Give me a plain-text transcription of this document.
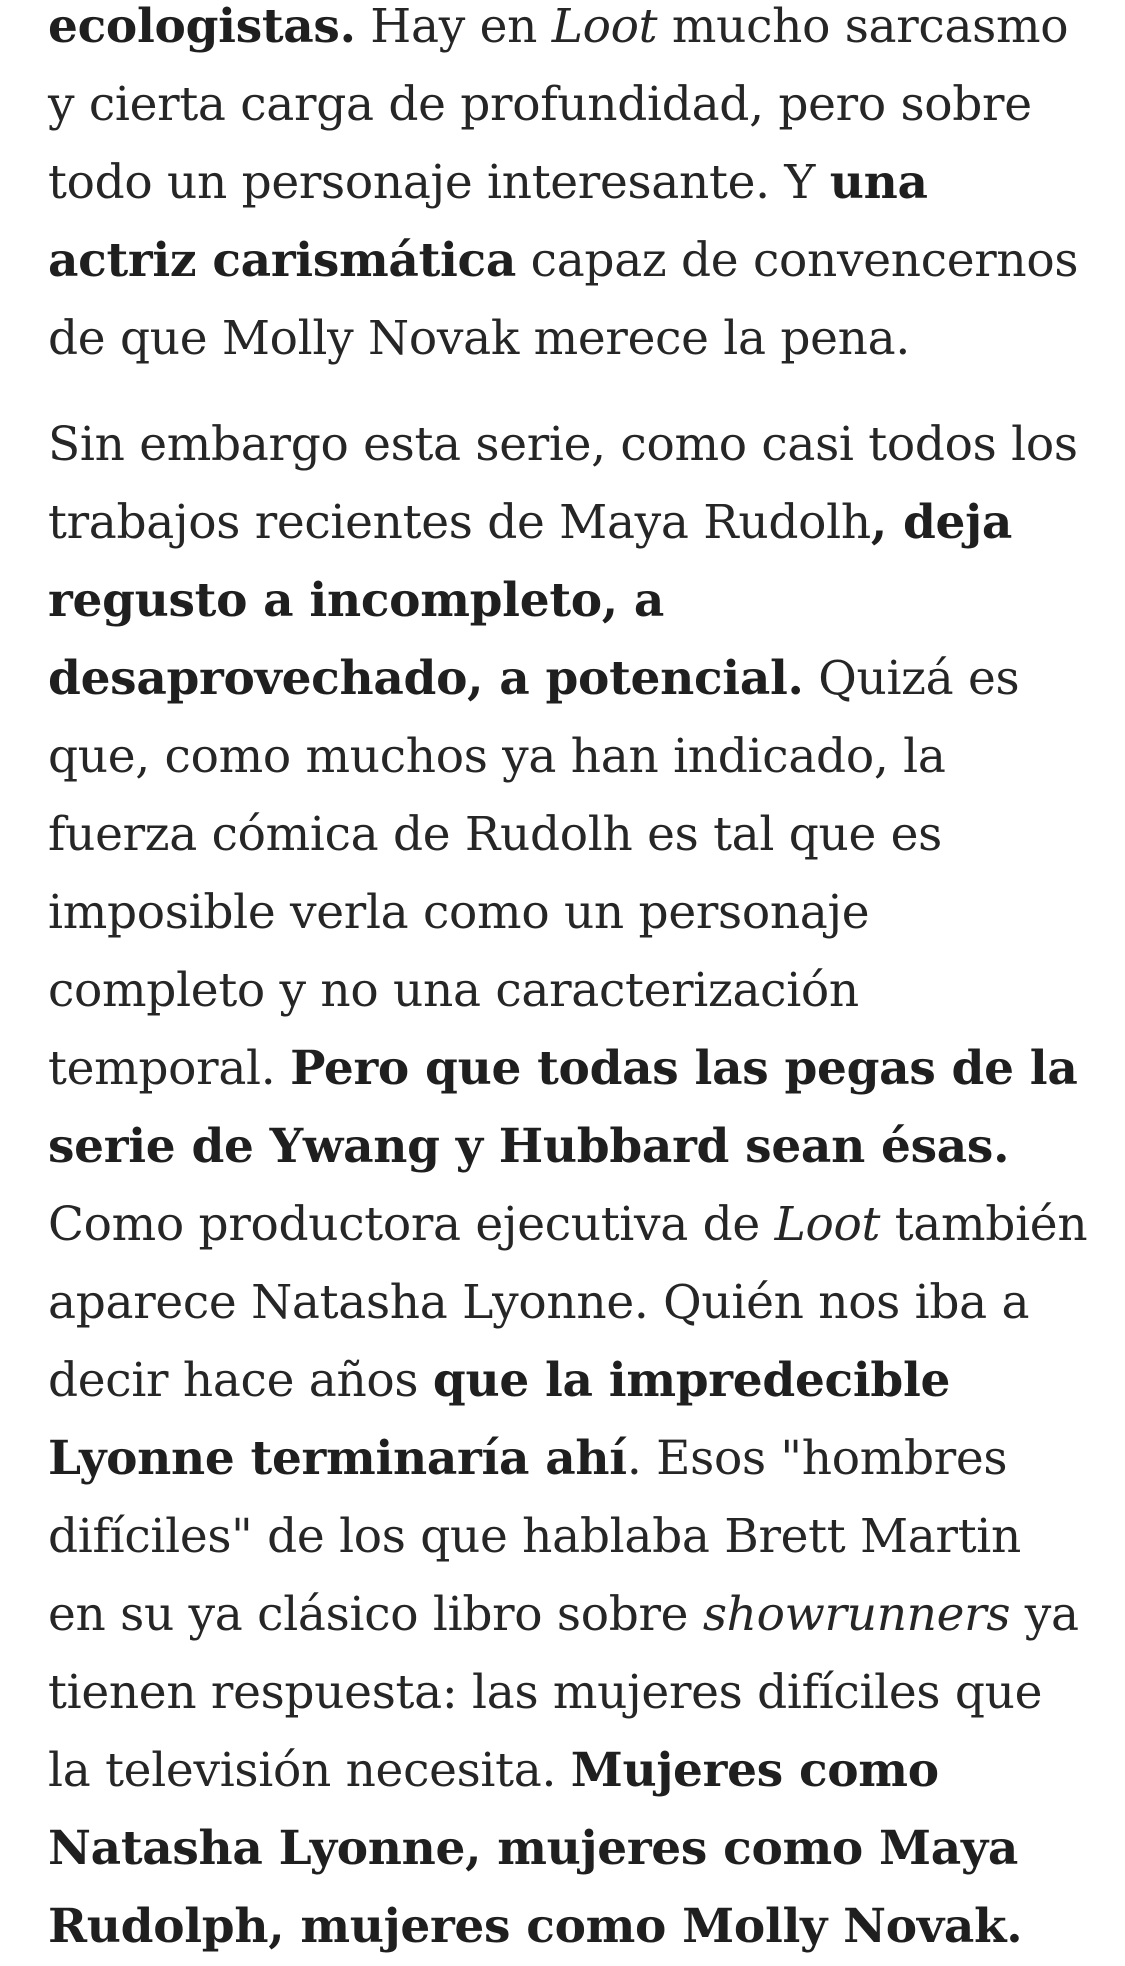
ecologistas. Hay en Loot mucho sarcasmo y cierta carga de profundidad, pero sobre todo un personaje interesante. Y una actriz carismática capaz de convencernos de que Molly Novak merece la pena.

Sin embargo esta serie, como casi todos los trabajos recientes de Maya Rudolh, deja regusto a incompleto, a desaprovechado, a potencial. Quizá es que, como muchos ya han indicado, la fuerza cómica de Rudolh es tal que es imposible verla como un personaje completo y no una caracterización temporal. Pero que todas las pegas de la serie de Ywang y Hubbard sean ésas. Como productora ejecutiva de Loot también aparece Natasha Lyonne. Quién nos iba a decir hace años que la impredecible Lyonne terminaría ahí. Esos "hombres difíciles" de los que hablaba Brett Martin en su ya clásico libro sobre showrunners ya tienen respuesta: las mujeres difíciles que la televisión necesita. Mujeres como Natasha Lyonne, mujeres como Maya Rudolph, mujeres como Molly Novak.
